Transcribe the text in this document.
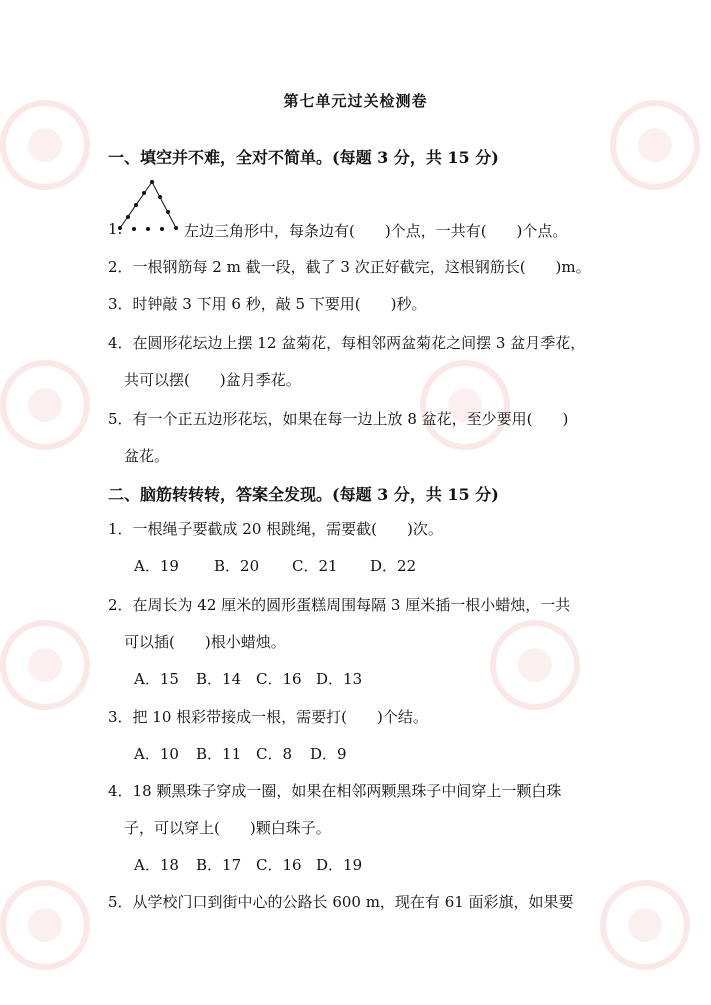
第七单元过关检测卷
一、填空并不难，全对不简单。(每题 3 分，共 15 分)
1.	左边三角形中，每条边有(　　)个点，一共有(　　)个点。
2．一根钢筋每 2 m 截一段，截了 3 次正好截完，这根钢筋长(　　)m。
3．时钟敲 3 下用 6 秒，敲 5 下要用(　　)秒。
4．在圆形花坛边上摆 12 盆菊花，每相邻两盆菊花之间摆 3 盆月季花，
共可以摆(　　)盆月季花。
5．有一个正五边形花坛，如果在每一边上放 8 盆花，至少要用(　　)
盆花。
二、脑筋转转转，答案全发现。(每题 3 分，共 15 分)
1．一根绳子要截成 20 根跳绳，需要截(　　)次。
A．19 B．20 C．21 D．22
2．在周长为 42 厘米的圆形蛋糕周围每隔 3 厘米插一根小蜡烛，一共
可以插(　　)根小蜡烛。
A．15 B．14 C．16 D．13
3．把 10 根彩带接成一根，需要打(　　)个结。
A．10 B．11 C．8 D．9
4．18 颗黑珠子穿成一圈，如果在相邻两颗黑珠子中间穿上一颗白珠
子，可以穿上(　　)颗白珠子。
A．18 B．17 C．16 D．19
5．从学校门口到街中心的公路长 600 m，现在有 61 面彩旗，如果要
